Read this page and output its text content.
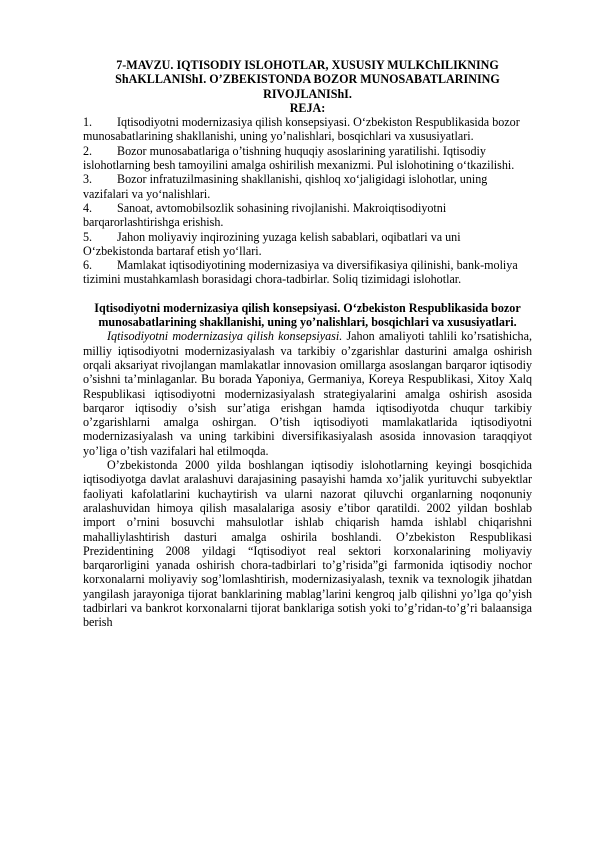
7-MAVZU. IQTISODIY ISLOHOTLAR, XUSUSIY MULKChILIKNING ShAKLLANIShI. O’ZBEKISTONDA BOZOR MUNOSABATLARINING RIVOJLANIShI.
REJA:
1. Iqtisodiyotni modernizasiya qilish konsepsiyasi. O‘zbekiston Respublikasida bozor munosabatlarining shakllanishi, uning yo’nalishlari, bosqichlari va xususiyatlari.
2. Bozor munosabatlariga o’tishning huquqiy asoslarining yaratilishi. Iqtisodiy islohotlarning besh tamoyilini amalga oshirilish mexanizmi. Pul islohotining o‘tkazilishi.
3. Bozor infratuzilmasining shakllanishi, qishloq xo‘jaligidagi islohotlar, uning vazifalari va yo‘nalishlari.
4. Sanoat, avtomobilsozlik sohasining rivojlanishi. Makroiqtisodiyotni barqarorlashtirishga erishish.
5. Jahon moliyaviy inqirozining yuzaga kelish sabablari, oqibatlari va uni O‘zbekistonda bartaraf etish yo‘llari.
6. Mamlakat iqtisodiyotining modernizasiya va diversifikasiya qilinishi, bank-moliya tizimini mustahkamlash borasidagi chora-tadbirlar. Soliq tizimidagi islohotlar.
Iqtisodiyotni modernizasiya qilish konsepsiyasi. O‘zbekiston Respublikasida bozor munosabatlarining shakllanishi, uning yo’nalishlari, bosqichlari va xususiyatlari.

Iqtisodiyotni modernizasiya qilish konsepsiyasi. Jahon amaliyoti tahlili ko’rsatishicha, milliy iqtisodiyotni modernizasiyalash va tarkibiy o’zgarishlar dasturini amalga oshirish orqali aksariyat rivojlangan mamlakatlar innovasion omillarga asoslangan barqaror iqtisodiy o’sishni ta’minlaganlar. Bu borada Yaponiya, Germaniya, Koreya Respublikasi, Xitoy Xalq Respublikasi iqtisodiyotni modernizasiyalash strategiyalarini amalga oshirish asosida barqaror iqtisodiy o’sish sur’atiga erishgan hamda iqtisodiyotda chuqur tarkibiy o’zgarishlarni amalga oshirgan. O’tish iqtisodiyoti mamlakatlarida iqtisodiyotni modernizasiyalash va uning tarkibini diversifikasiyalash asosida innovasion taraqqiyot yo’liga o’tish vazifalari hal etilmoqda.

O’zbekistonda 2000 yilda boshlangan iqtisodiy islohotlarning keyingi bosqichida iqtisodiyotga davlat aralashuvi darajasining pasayishi hamda xo’jalik yurituvchi subyektlar faoliyati kafolatlarini kuchaytirish va ularni nazorat qiluvchi organlarning noqonuniy aralashuvidan himoya qilish masalalariga asosiy e’tibor qaratildi. 2002 yildan boshlab import o’rnini bosuvchi mahsulotlar ishlab chiqarish hamda ishlabl chiqarishni mahalliylashtirish dasturi amalga oshirila boshlandi. O’zbekiston Respublikasi Prezidentining 2008 yildagi “Iqtisodiyot real sektori korxonalarining moliyaviy barqarorligini yanada oshirish chora-tadbirlari to’g’risida”gi farmonida iqtisodiy nochor korxonalarni moliyaviy sog’lomlashtirish, modernizasiyalash, texnik va texnologik jihatdan yangilash jarayoniga tijorat banklarining mablag’larini kengroq jalb qilishni yo’lga qo’yish tadbirlari va bankrot korxonalarni tijorat banklariga sotish yoki to’g’ridan-to’g’ri balaansiga berish
